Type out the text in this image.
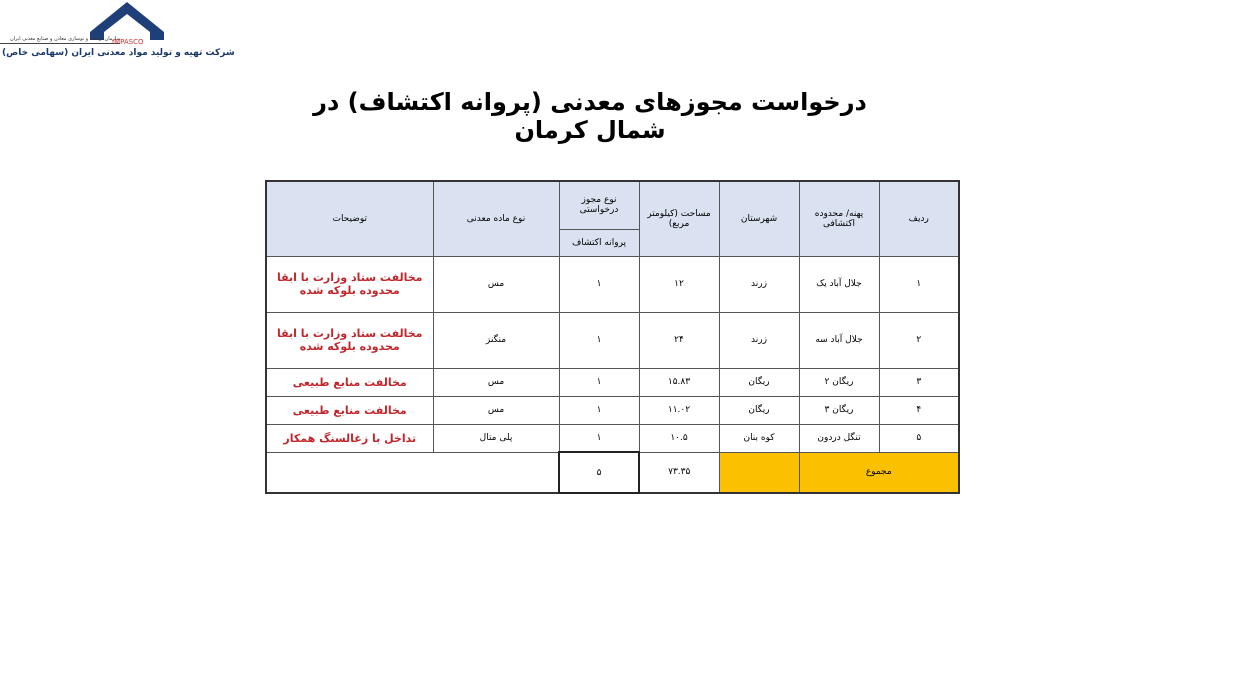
سازمان توسعه و نوسازی معادن و صنایع معدنی ایران
IMPASCO
شرکت تهیه و تولید مواد معدنی ایران (سهامی خاص)
درخواست مجوزهای معدنی (پروانه اکتشاف) در شمال کرمان
ردیف	پهنه/ محدوده اکتشافی	شهرستان	مساحت (کیلومتر مربع)	نوع مجوز درخواستی	نوع ماده معدنی	توضیحات
				پروانه اکتشاف		
۱	جلال آباد یک	زرند	۱۲	۱	مس	مخالفت ستاد وزارت با ابقا محدوده بلوکه شده
۲	جلال آباد سه	زرند	۲۴	۱	منگنز	مخالفت ستاد وزارت با ابقا محدوده بلوکه شده
۳	ریگان ۲	ریگان	۱۵.۸۳	۱	مس	مخالفت منابع طبیعی
۴	ریگان ۳	ریگان	۱۱.۰۲	۱	مس	مخالفت منابع طبیعی
۵	تنگل دردون	کوه بنان	۱۰.۵	۱	پلی متال	تداخل با زغالسنگ همکار
مجموع			۷۳.۳۵	۵		
